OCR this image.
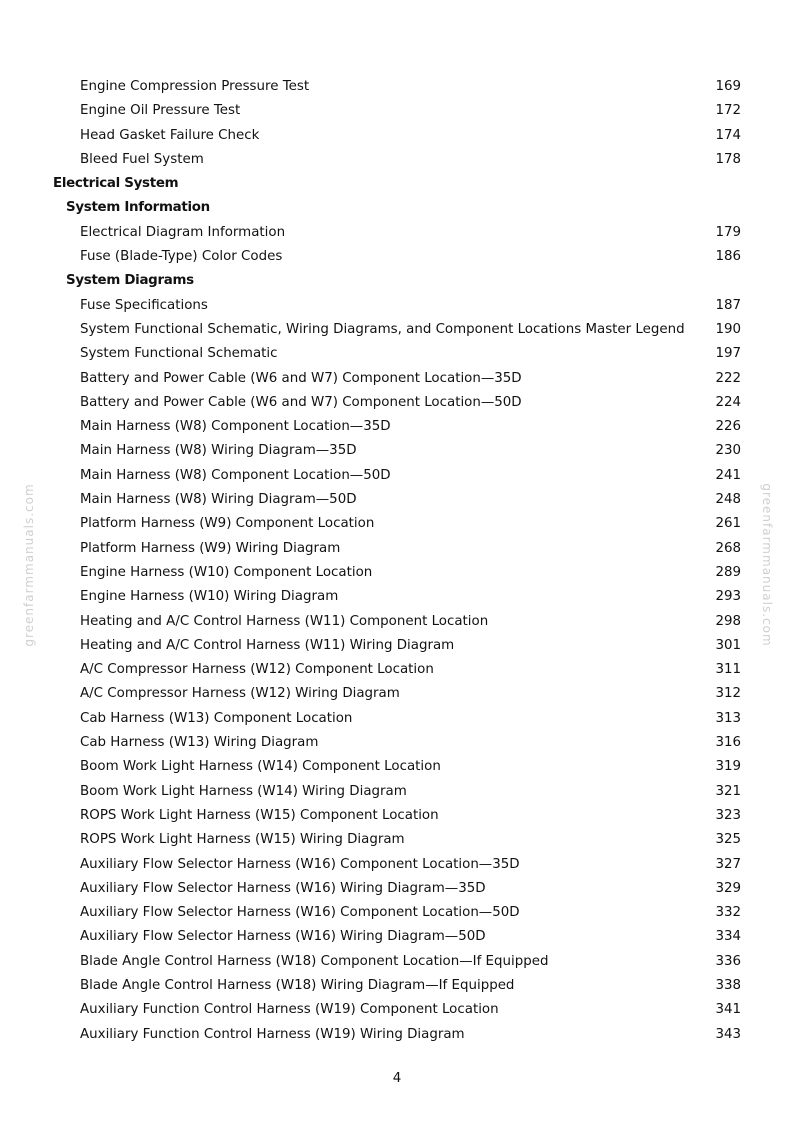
Engine Compression Pressure Test	169
Engine Oil Pressure Test	172
Head Gasket Failure Check	174
Bleed Fuel System	178
Electrical System
System Information
Electrical Diagram Information	179
Fuse (Blade-Type) Color Codes	186
System Diagrams
Fuse Specifications	187
System Functional Schematic, Wiring Diagrams, and Component Locations Master Legend 190
System Functional Schematic	197
Battery and Power Cable (W6 and W7) Component Location—35D	222
Battery and Power Cable (W6 and W7) Component Location—50D	224
Main Harness (W8) Component Location—35D	226
Main Harness (W8) Wiring Diagram—35D	230
Main Harness (W8) Component Location—50D	241
Main Harness (W8) Wiring Diagram—50D	248
Platform Harness (W9) Component Location	261
Platform Harness (W9) Wiring Diagram	268
Engine Harness (W10) Component Location	289
Engine Harness (W10) Wiring Diagram	293
Heating and A/C Control Harness (W11) Component Location	298
Heating and A/C Control Harness (W11) Wiring Diagram	301
A/C Compressor Harness (W12) Component Location	311
A/C Compressor Harness (W12) Wiring Diagram	312
Cab Harness (W13) Component Location	313
Cab Harness (W13) Wiring Diagram	316
Boom Work Light Harness (W14) Component Location	319
Boom Work Light Harness (W14) Wiring Diagram	321
ROPS Work Light Harness (W15) Component Location	323
ROPS Work Light Harness (W15) Wiring Diagram	325
Auxiliary Flow Selector Harness (W16) Component Location—35D	327
Auxiliary Flow Selector Harness (W16) Wiring Diagram—35D	329
Auxiliary Flow Selector Harness (W16) Component Location—50D	332
Auxiliary Flow Selector Harness (W16) Wiring Diagram—50D	334
Blade Angle Control Harness (W18) Component Location—If Equipped	336
Blade Angle Control Harness (W18) Wiring Diagram—If Equipped	338
Auxiliary Function Control Harness (W19) Component Location	341
Auxiliary Function Control Harness (W19) Wiring Diagram	343
4
greenfarmmanuals.com	greenfarmmanuals.com
